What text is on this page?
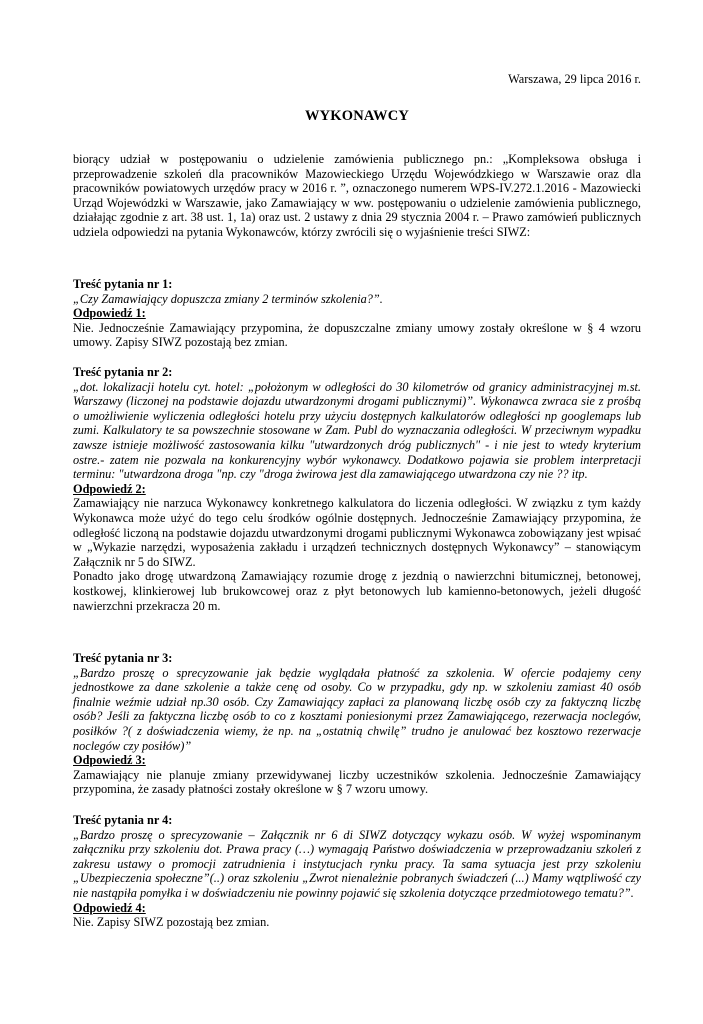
Warszawa, 29 lipca 2016 r.
WYKONAWCY

biorący udział w postępowaniu o udzielenie zamówienia publicznego pn.: „Kompleksowa obsługa i przeprowadzenie szkoleń dla pracowników Mazowieckiego Urzędu Wojewódzkiego w Warszawie oraz dla pracowników powiatowych urzędów pracy w 2016 r. ”, oznaczonego numerem WPS-IV.272.1.2016 - Mazowiecki Urząd Wojewódzki w Warszawie, jako Zamawiający w ww. postępowaniu o udzielenie zamówienia publicznego, działając zgodnie z art. 38 ust. 1, 1a) oraz ust. 2 ustawy z dnia 29 stycznia 2004 r. – Prawo zamówień publicznych udziela odpowiedzi na pytania Wykonawców, którzy zwrócili się o wyjaśnienie treści SIWZ:

Treść pytania nr 1:

„Czy Zamawiający dopuszcza zmiany 2 terminów szkolenia?”.

Odpowiedź 1:

Nie. Jednocześnie Zamawiający przypomina, że dopuszczalne zmiany umowy zostały określone w § 4 wzoru umowy. Zapisy SIWZ pozostają bez zmian.

Treść pytania nr 2:

„dot. lokalizacji hotelu cyt. hotel: „położonym w odległości do 30 kilometrów od granicy administracyjnej m.st. Warszawy (liczonej na podstawie dojazdu utwardzonymi drogami publicznymi)”. Wykonawca zwraca sie z prośbą o umożliwienie wyliczenia odległości hotelu przy użyciu dostępnych kalkulatorów odległości np googlemaps lub zumi. Kalkulatory te sa powszechnie stosowane w Zam. Publ do wyznaczania odległości. W przeciwnym wypadku zawsze istnieje możliwość zastosowania kilku "utwardzonych dróg publicznych" - i nie jest to wtedy kryterium ostre.- zatem nie pozwala na konkurencyjny wybór wykonawcy. Dodatkowo pojawia sie problem interpretacji terminu: "utwardzona droga "np. czy "droga żwirowa jest dla zamawiającego utwardzona czy nie ?? itp.

Odpowiedź 2:

Zamawiający nie narzuca Wykonawcy konkretnego kalkulatora do liczenia odległości. W związku z tym każdy Wykonawca może użyć do tego celu środków ogólnie dostępnych. Jednocześnie Zamawiający przypomina, że odległość liczoną na podstawie dojazdu utwardzonymi drogami publicznymi Wykonawca zobowiązany jest wpisać w „Wykazie narzędzi, wyposażenia zakładu i urządzeń technicznych dostępnych Wykonawcy” – stanowiącym Załącznik nr 5 do SIWZ.

Ponadto jako drogę utwardzoną Zamawiający rozumie drogę z jezdnią o nawierzchni bitumicznej, betonowej, kostkowej, klinkierowej lub brukowcowej oraz z płyt betonowych lub kamienno-betonowych, jeżeli długość nawierzchni przekracza 20 m.

Treść pytania nr 3:

„Bardzo proszę o sprecyzowanie jak będzie wyglądała płatność za szkolenia. W ofercie podajemy ceny jednostkowe za dane szkolenie a także cenę od osoby. Co w przypadku, gdy np. w szkoleniu zamiast 40 osób finalnie weźmie udział np.30 osób. Czy Zamawiający zapłaci za planowaną liczbę osób czy za faktyczną liczbę osób? Jeśli za faktyczna liczbę osób to co z kosztami poniesionymi przez Zamawiającego, rezerwacja noclegów, posiłków ?( z doświadczenia wiemy, że np. na „ostatnią chwilę” trudno je anulować bez kosztowo rezerwacje noclegów czy posiłów)”

Odpowiedź 3:

Zamawiający nie planuje zmiany przewidywanej liczby uczestników szkolenia. Jednocześnie Zamawiający przypomina, że zasady płatności zostały określone w § 7 wzoru umowy.

Treść pytania nr 4:

„Bardzo proszę o sprecyzowanie – Załącznik nr 6 di SIWZ dotyczący wykazu osób. W wyżej wspominanym załączniku przy szkoleniu dot. Prawa pracy (…) wymagają Państwo doświadczenia w przeprowadzaniu szkoleń z zakresu ustawy o promocji zatrudnienia i instytucjach rynku pracy. Ta sama sytuacja jest przy szkoleniu „Ubezpieczenia społeczne”(..) oraz szkoleniu „Zwrot nienależnie pobranych świadczeń (...) Mamy wątpliwość czy nie nastąpiła pomyłka i w doświadczeniu nie powinny pojawić się szkolenia dotyczące przedmiotowego tematu?”.

Odpowiedź 4:

Nie. Zapisy SIWZ pozostają bez zmian.
